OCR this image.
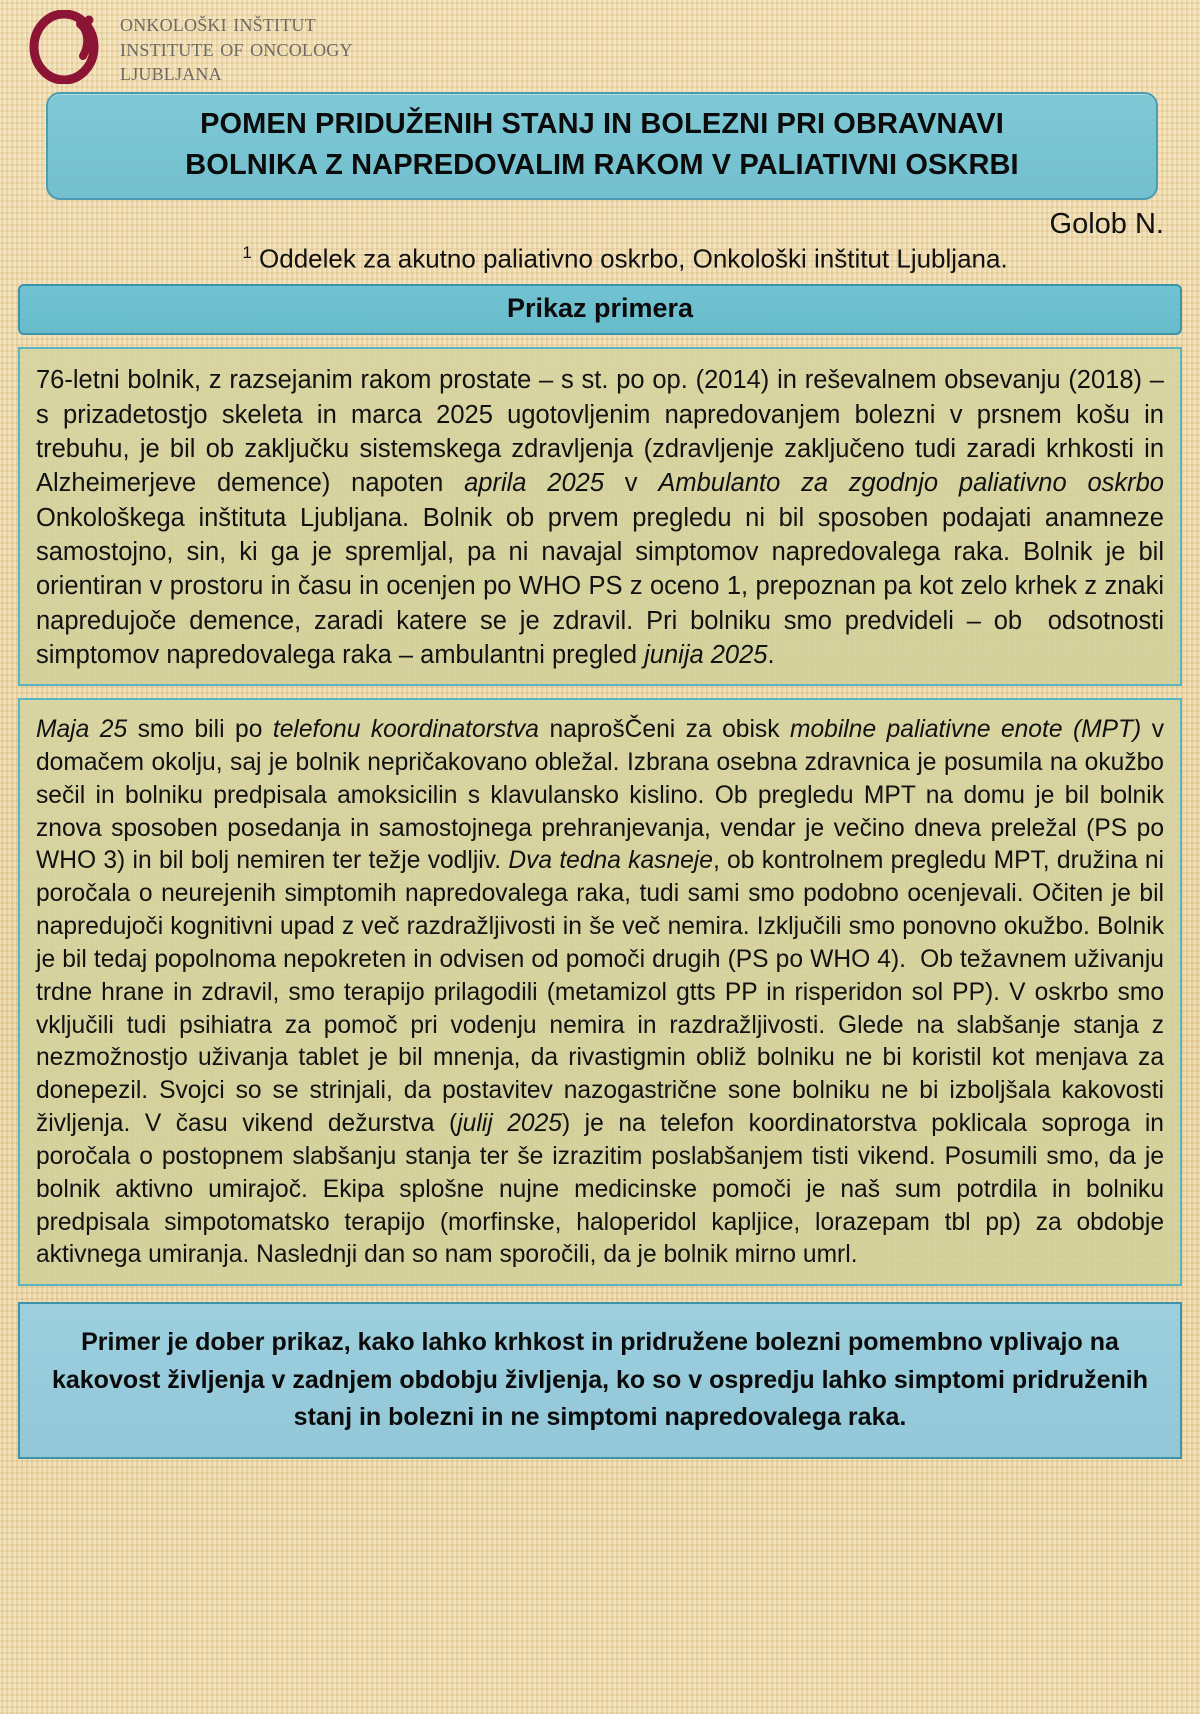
onkološki inštitut
institute of oncology
ljubljana
POMEN PRIDUŽENIH STANJ IN BOLEZNI PRI OBRAVNAVI
BOLNIKA Z NAPREDOVALIM RAKOM V PALIATIVNI OSKRBI
Golob N.
$^1$ Oddelek za akutno paliativno oskrbo, Onkološki inštitut Ljubljana.
Prikaz primera

76-letni bolnik, z razsejanim rakom prostate – s st. po op. (2014) in reševalnem obsevanju (2018) – s prizadetostjo skeleta in marca 2025 ugotovljenim napredovanjem bolezni v prsnem košu in trebuhu, je bil ob zaključku sistemskega zdravljenja (zdravljenje zaključeno tudi zaradi krhkosti in Alzheimerjeve demence) napoten aprila 2025 v Ambulanto za zgodnjo paliativno oskrbo Onkološkega inštituta Ljubljana. Bolnik ob prvem pregledu ni bil sposoben podajati anamneze samostojno, sin, ki ga je spremljal, pa ni navajal simptomov napredovalega raka. Bolnik je bil orientiran v prostoru in času in ocenjen po WHO PS z oceno 1, prepoznan pa kot zelo krhek z znaki napredujoče demence, zaradi katere se je zdravil. Pri bolniku smo predvideli – ob  odsotnosti simptomov napredovalega raka – ambulantni pregled junija 2025.

Maja 25 smo bili po telefonu koordinatorstva naprošČeni za obisk mobilne paliativne enote (MPT) v domačem okolju, saj je bolnik nepričakovano obležal. Izbrana osebna zdravnica je posumila na okužbo sečil in bolniku predpisala amoksicilin s klavulansko kislino. Ob pregledu MPT na domu je bil bolnik znova sposoben posedanja in samostojnega prehranjevanja, vendar je večino dneva preležal (PS po WHO 3) in bil bolj nemiren ter težje vodljiv. Dva tedna kasneje, ob kontrolnem pregledu MPT, družina ni poročala o neurejenih simptomih napredovalega raka, tudi sami smo podobno ocenjevali. Očiten je bil napredujoči kognitivni upad z več razdražljivosti in še več nemira. Izključili smo ponovno okužbo. Bolnik je bil tedaj popolnoma nepokreten in odvisen od pomoči drugih (PS po WHO 4).  Ob težavnem uživanju trdne hrane in zdravil, smo terapijo prilagodili (metamizol gtts PP in risperidon sol PP). V oskrbo smo vključili tudi psihiatra za pomoč pri vodenju nemira in razdražljivosti. Glede na slabšanje stanja z nezmožnostjo uživanja tablet je bil mnenja, da rivastigmin obliž bolniku ne bi koristil kot menjava za donepezil. Svojci so se strinjali, da postavitev nazogastrične sone bolniku ne bi izboljšala kakovosti življenja. V času vikend dežurstva (julij 2025) je na telefon koordinatorstva poklicala soproga in poročala o postopnem slabšanju stanja ter še izrazitim poslabšanjem tisti vikend. Posumili smo, da je bolnik aktivno umirajoč. Ekipa splošne nujne medicinske pomoči je naš sum potrdila in bolniku predpisala simpotomatsko terapijo (morfinske, haloperidol kapljice, lorazepam tbl pp) za obdobje aktivnega umiranja. Naslednji dan so nam sporočili, da je bolnik mirno umrl.

Primer je dober prikaz, kako lahko krhkost in pridružene bolezni pomembno vplivajo na kakovost življenja v zadnjem obdobju življenja, ko so v ospredju lahko simptomi pridruženih stanj in bolezni in ne simptomi napredovalega raka.
